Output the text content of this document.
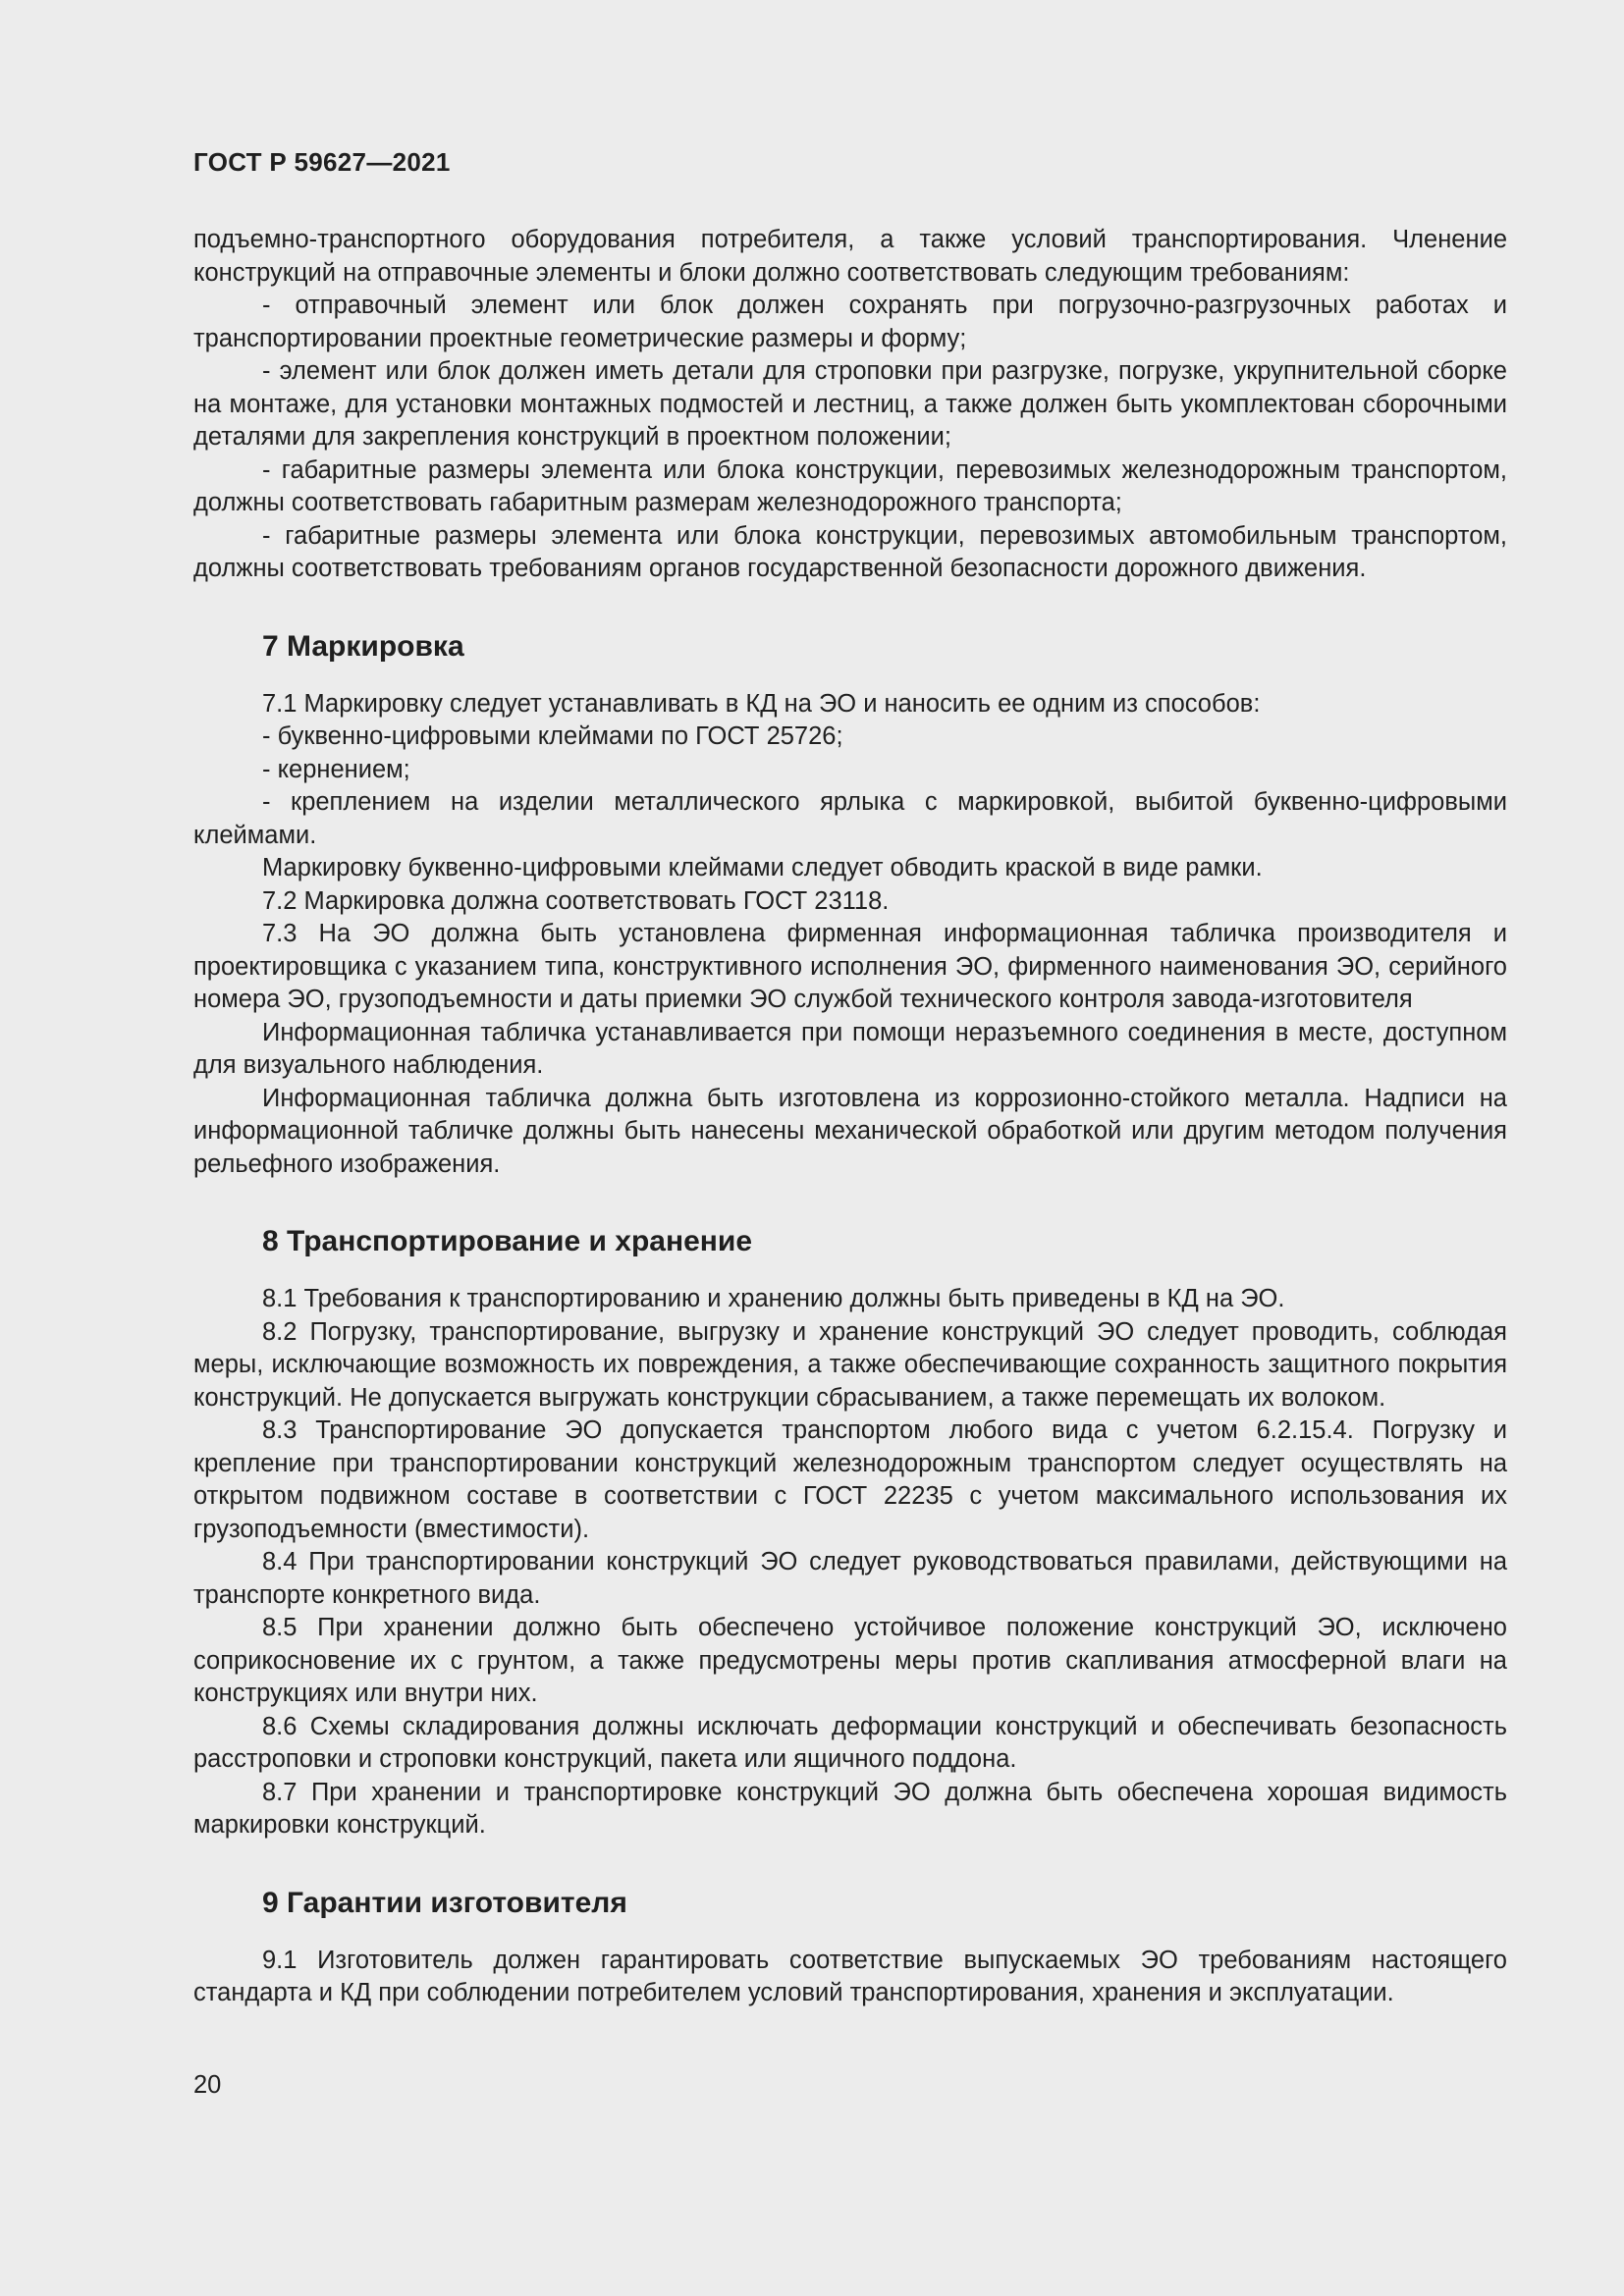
ГОСТ Р 59627—2021

подъемно-транспортного оборудования потребителя, а также условий транспортирования. Членение конструкций на отправочные элементы и блоки должно соответствовать следующим требованиям:

- отправочный элемент или блок должен сохранять при погрузочно-разгрузочных работах и транспортировании проектные геометрические размеры и форму;

- элемент или блок должен иметь детали для строповки при разгрузке, погрузке, укрупнительной сборке на монтаже, для установки монтажных подмостей и лестниц, а также должен быть укомплектован сборочными деталями для закрепления конструкций в проектном положении;

- габаритные размеры элемента или блока конструкции, перевозимых железнодорожным транспортом, должны соответствовать габаритным размерам железнодорожного транспорта;

- габаритные размеры элемента или блока конструкции, перевозимых автомобильным транспортом, должны соответствовать требованиям органов государственной безопасности дорожного движения.

7 Маркировка

7.1 Маркировку следует устанавливать в КД на ЭО и наносить ее одним из способов:

- буквенно-цифровыми клеймами по ГОСТ 25726;

- кернением;

- креплением на изделии металлического ярлыка с маркировкой, выбитой буквенно-цифровыми клеймами.

Маркировку буквенно-цифровыми клеймами следует обводить краской в виде рамки.

7.2 Маркировка должна соответствовать ГОСТ 23118.

7.3 На ЭО должна быть установлена фирменная информационная табличка производителя и проектировщика с указанием типа, конструктивного исполнения ЭО, фирменного наименования ЭО, серийного номера ЭО, грузоподъемности и даты приемки ЭО службой технического контроля завода-изготовителя

Информационная табличка устанавливается при помощи неразъемного соединения в месте, доступном для визуального наблюдения.

Информационная табличка должна быть изготовлена из коррозионно-стойкого металла. Надписи на информационной табличке должны быть нанесены механической обработкой или другим методом получения рельефного изображения.

8 Транспортирование и хранение

8.1 Требования к транспортированию и хранению должны быть приведены в КД на ЭО.

8.2 Погрузку, транспортирование, выгрузку и хранение конструкций ЭО следует проводить, соблюдая меры, исключающие возможность их повреждения, а также обеспечивающие сохранность защитного покрытия конструкций. Не допускается выгружать конструкции сбрасыванием, а также перемещать их волоком.

8.3 Транспортирование ЭО допускается транспортом любого вида с учетом 6.2.15.4. Погрузку и крепление при транспортировании конструкций железнодорожным транспортом следует осуществлять на открытом подвижном составе в соответствии с ГОСТ 22235 с учетом максимального использования их грузоподъемности (вместимости).

8.4 При транспортировании конструкций ЭО следует руководствоваться правилами, действующими на транспорте конкретного вида.

8.5 При хранении должно быть обеспечено устойчивое положение конструкций ЭО, исключено соприкосновение их с грунтом, а также предусмотрены меры против скапливания атмосферной влаги на конструкциях или внутри них.

8.6 Схемы складирования должны исключать деформации конструкций и обеспечивать безопасность расстроповки и строповки конструкций, пакета или ящичного поддона.

8.7 При хранении и транспортировке конструкций ЭО должна быть обеспечена хорошая видимость маркировки конструкций.

9 Гарантии изготовителя

9.1 Изготовитель должен гарантировать соответствие выпускаемых ЭО требованиям настоящего стандарта и КД при соблюдении потребителем условий транспортирования, хранения и эксплуатации.

20
